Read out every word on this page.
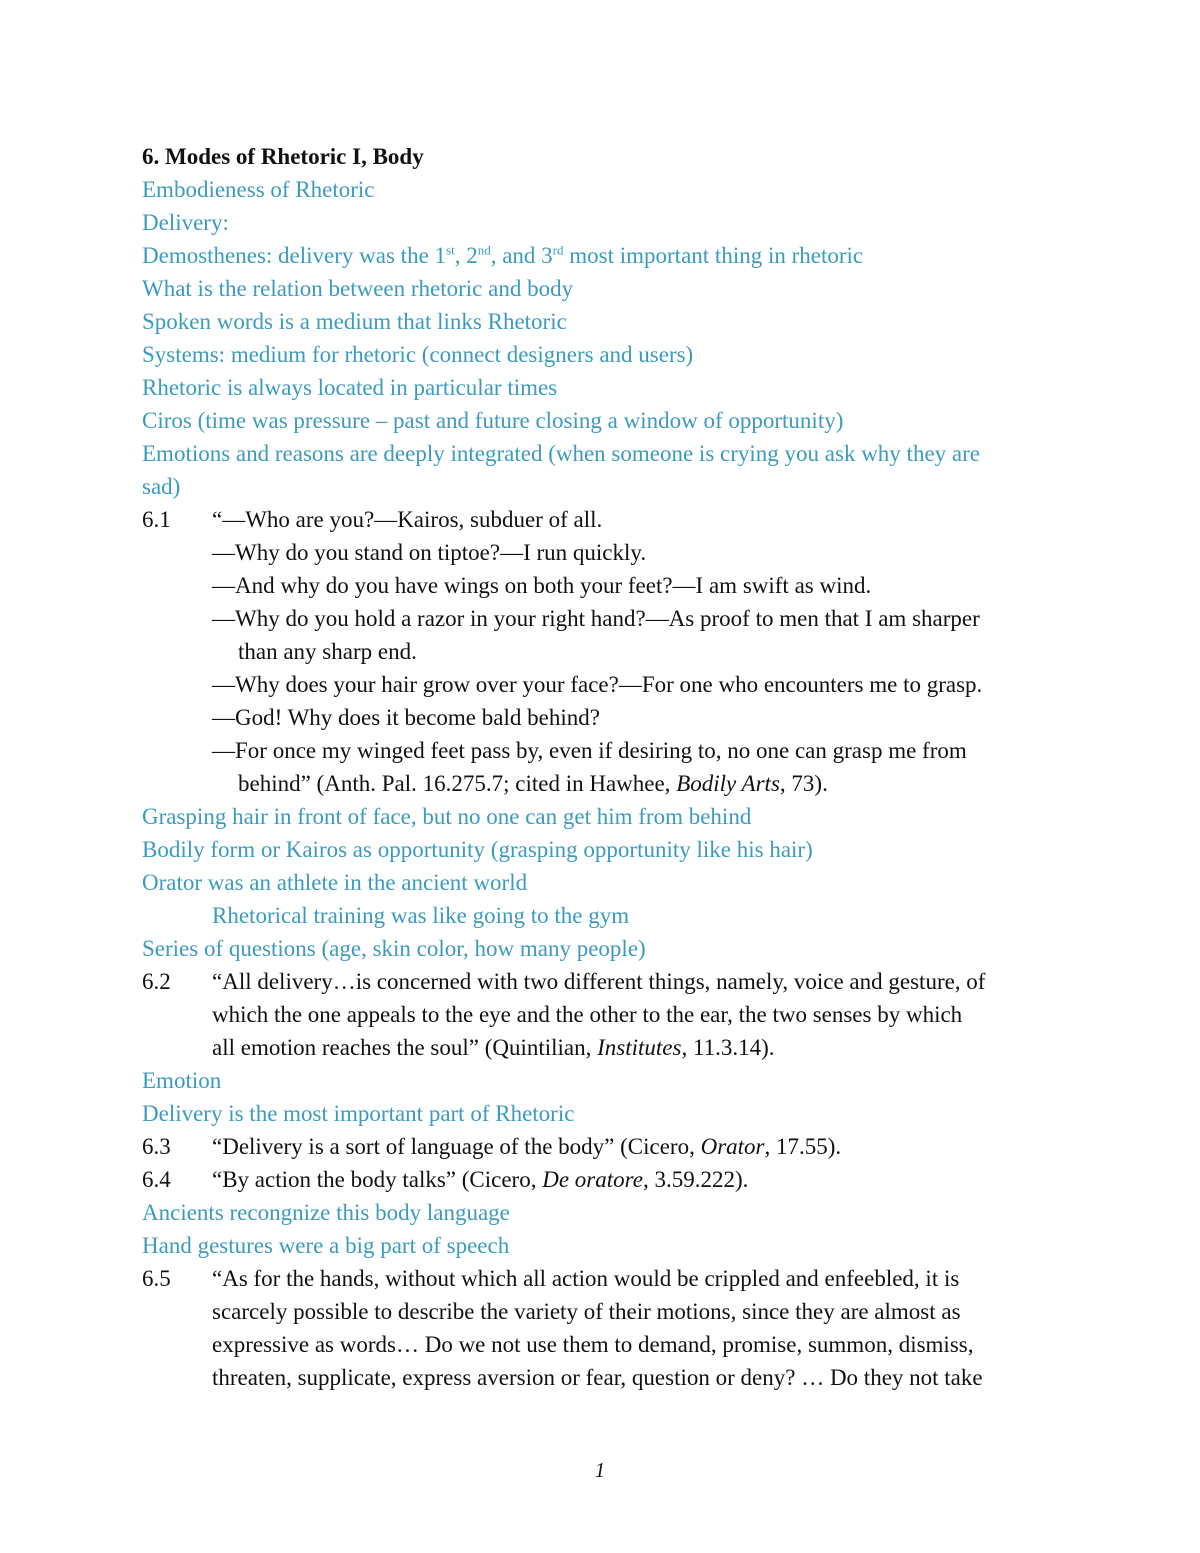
6. Modes of Rhetoric I, Body
Embodieness of Rhetoric
Delivery:
Demosthenes: delivery was the 1st, 2nd, and 3rd most important thing in rhetoric
What is the relation between rhetoric and body
Spoken words is a medium that links Rhetoric
Systems: medium for rhetoric (connect designers and users)
Rhetoric is always located in particular times
Ciros (time was pressure – past and future closing a window of opportunity)
Emotions and reasons are deeply integrated (when someone is crying you ask why they are
sad)
6.1 “—Who are you?—Kairos, subduer of all.
—Why do you stand on tiptoe?—I run quickly.
—And why do you have wings on both your feet?—I am swift as wind.
—Why do you hold a razor in your right hand?—As proof to men that I am sharper
than any sharp end.
—Why does your hair grow over your face?—For one who encounters me to grasp.
—God! Why does it become bald behind?
—For once my winged feet pass by, even if desiring to, no one can grasp me from
behind” (Anth. Pal. 16.275.7; cited in Hawhee, Bodily Arts, 73).
Grasping hair in front of face, but no one can get him from behind
Bodily form or Kairos as opportunity (grasping opportunity like his hair)
Orator was an athlete in the ancient world
Rhetorical training was like going to the gym
Series of questions (age, skin color, how many people)
6.2 “All delivery…is concerned with two different things, namely, voice and gesture, of
which the one appeals to the eye and the other to the ear, the two senses by which
all emotion reaches the soul” (Quintilian, Institutes, 11.3.14).
Emotion
Delivery is the most important part of Rhetoric
6.3 “Delivery is a sort of language of the body” (Cicero, Orator, 17.55).
6.4 “By action the body talks” (Cicero, De oratore, 3.59.222).
Ancients recongnize this body language
Hand gestures were a big part of speech
6.5 “As for the hands, without which all action would be crippled and enfeebled, it is
scarcely possible to describe the variety of their motions, since they are almost as
expressive as words… Do we not use them to demand, promise, summon, dismiss,
threaten, supplicate, express aversion or fear, question or deny? … Do they not take
1
